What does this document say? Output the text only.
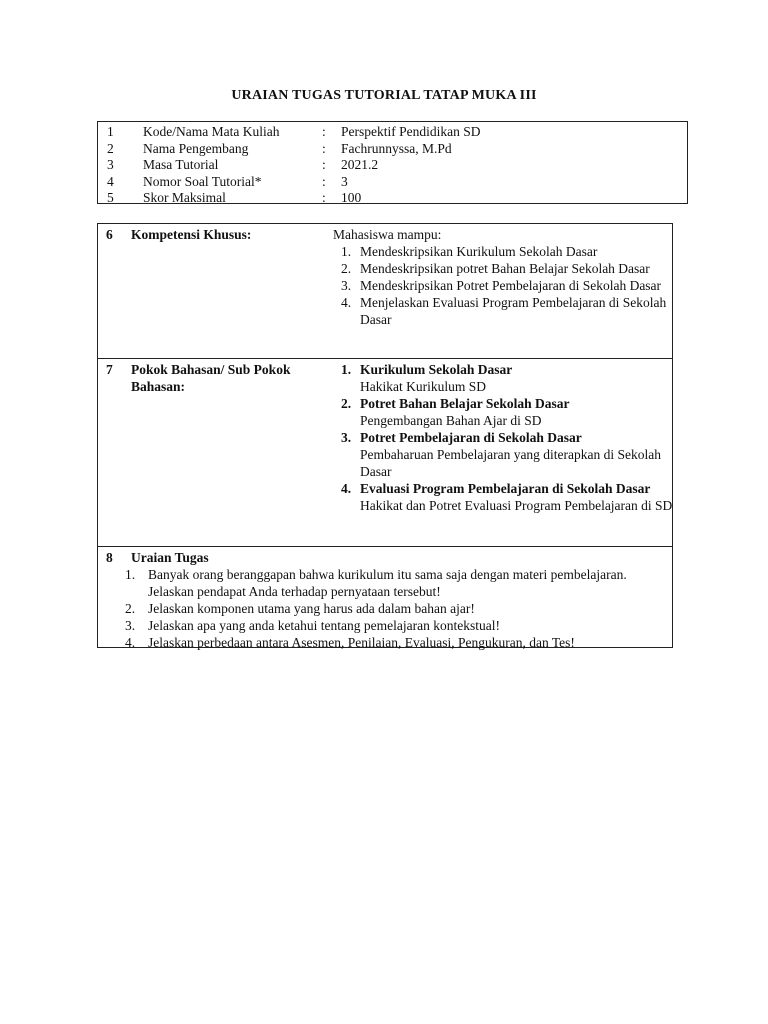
URAIAN TUGAS TUTORIAL TATAP MUKA III
1 Kode/Nama Mata Kuliah	: Perspektif Pendidikan SD
2 Nama Pengembang	: Fachrunnyssa, M.Pd
3 Masa Tutorial	: 2021.2
4 Nomor Soal Tutorial*	: 3
5 Skor Maksimal	: 100
6 Kompetensi Khusus:	Mahasiswa mampu:
1. Mendeskripsikan Kurikulum Sekolah Dasar
2. Mendeskripsikan potret Bahan Belajar Sekolah Dasar
3. Mendeskripsikan Potret Pembelajaran di Sekolah Dasar
4. Menjelaskan Evaluasi Program Pembelajaran di Sekolah Dasar

7 Pokok Bahasan/ Sub Pokok Bahasan:
1. Kurikulum Sekolah Dasar
Hakikat Kurikulum SD
2. Potret Bahan Belajar Sekolah Dasar
Pengembangan Bahan Ajar di SD
3. Potret Pembelajaran di Sekolah Dasar
Pembaharuan Pembelajaran yang diterapkan di Sekolah Dasar
4. Evaluasi Program Pembelajaran di Sekolah Dasar
Hakikat dan Potret Evaluasi Program Pembelajaran di SD

8 Uraian Tugas
1. Banyak orang beranggapan bahwa kurikulum itu sama saja dengan materi pembelajaran. Jelaskan pendapat Anda terhadap pernyataan tersebut!
2. Jelaskan komponen utama yang harus ada dalam bahan ajar!
3. Jelaskan apa yang anda ketahui tentang pemelajaran kontekstual!
4. Jelaskan perbedaan antara Asesmen, Penilaian, Evaluasi, Pengukuran, dan Tes!
